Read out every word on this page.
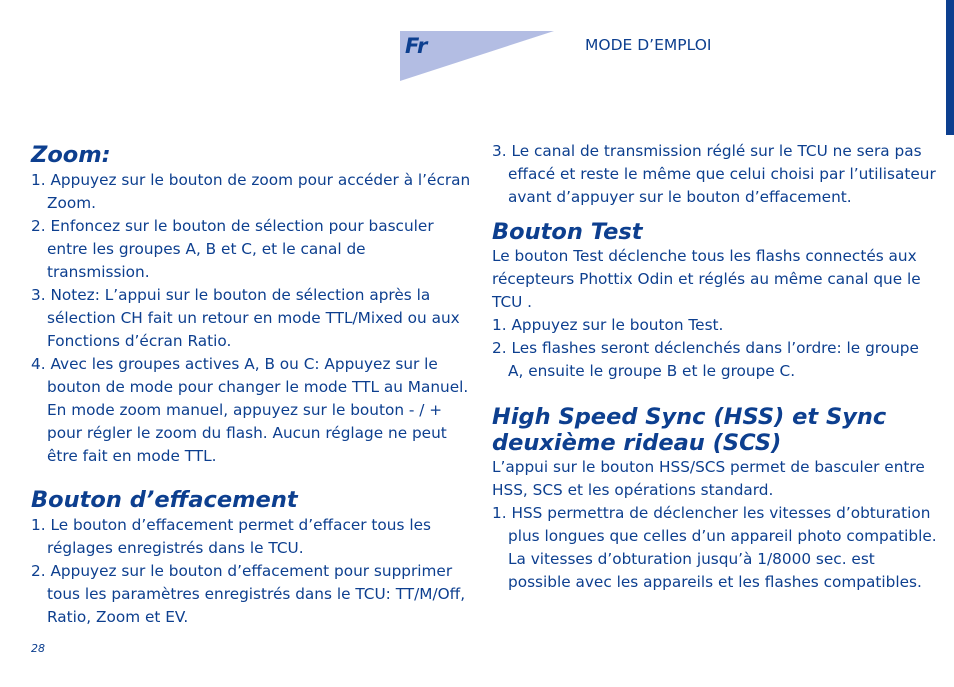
Fr	MODE D’EMPLOI
Zoom:

1. Appuyez sur le bouton de zoom pour accéder à l’écran Zoom.

2. Enfoncez sur le bouton de sélection pour basculer entre les groupes A, B et C, et le canal de transmission.

3. Notez: L’appui sur le bouton de sélection après la sélection CH fait un retour en mode TTL/Mixed ou aux Fonctions d’écran Ratio.

4. Avec les groupes actives A, B ou C: Appuyez sur le bouton de mode pour changer le mode TTL au Manuel. En mode zoom manuel, appuyez sur le bouton - / + pour régler le zoom du flash. Aucun réglage ne peut être fait en mode TTL.

Bouton d’effacement

1. Le bouton d’effacement permet d’effacer tous les réglages enregistrés dans le TCU.

2. Appuyez sur le bouton d’effacement pour supprimer tous les paramètres enregistrés dans le TCU: TT/M/Off, Ratio, Zoom et EV.

3. Le canal de transmission réglé sur le TCU ne sera pas effacé et reste le même que celui choisi par l’utilisateur avant d’appuyer sur le bouton d’effacement.

Bouton Test

Le bouton Test déclenche tous les flashs connectés aux récepteurs Phottix Odin et réglés au même canal que le TCU .

1. Appuyez sur le bouton Test.

2. Les flashes seront déclenchés dans l’ordre: le groupe A, ensuite le groupe B et le groupe C.

High Speed Sync (HSS) et Sync
deuxième rideau (SCS)

L’appui sur le bouton HSS/SCS permet de basculer entre HSS, SCS et les opérations standard.

1. HSS permettra de déclencher les vitesses d’obturation plus longues que celles d’un appareil photo compatible. La vitesses d’obturation jusqu’à 1/8000 sec. est possible avec les appareils et les flashes compatibles.

28
